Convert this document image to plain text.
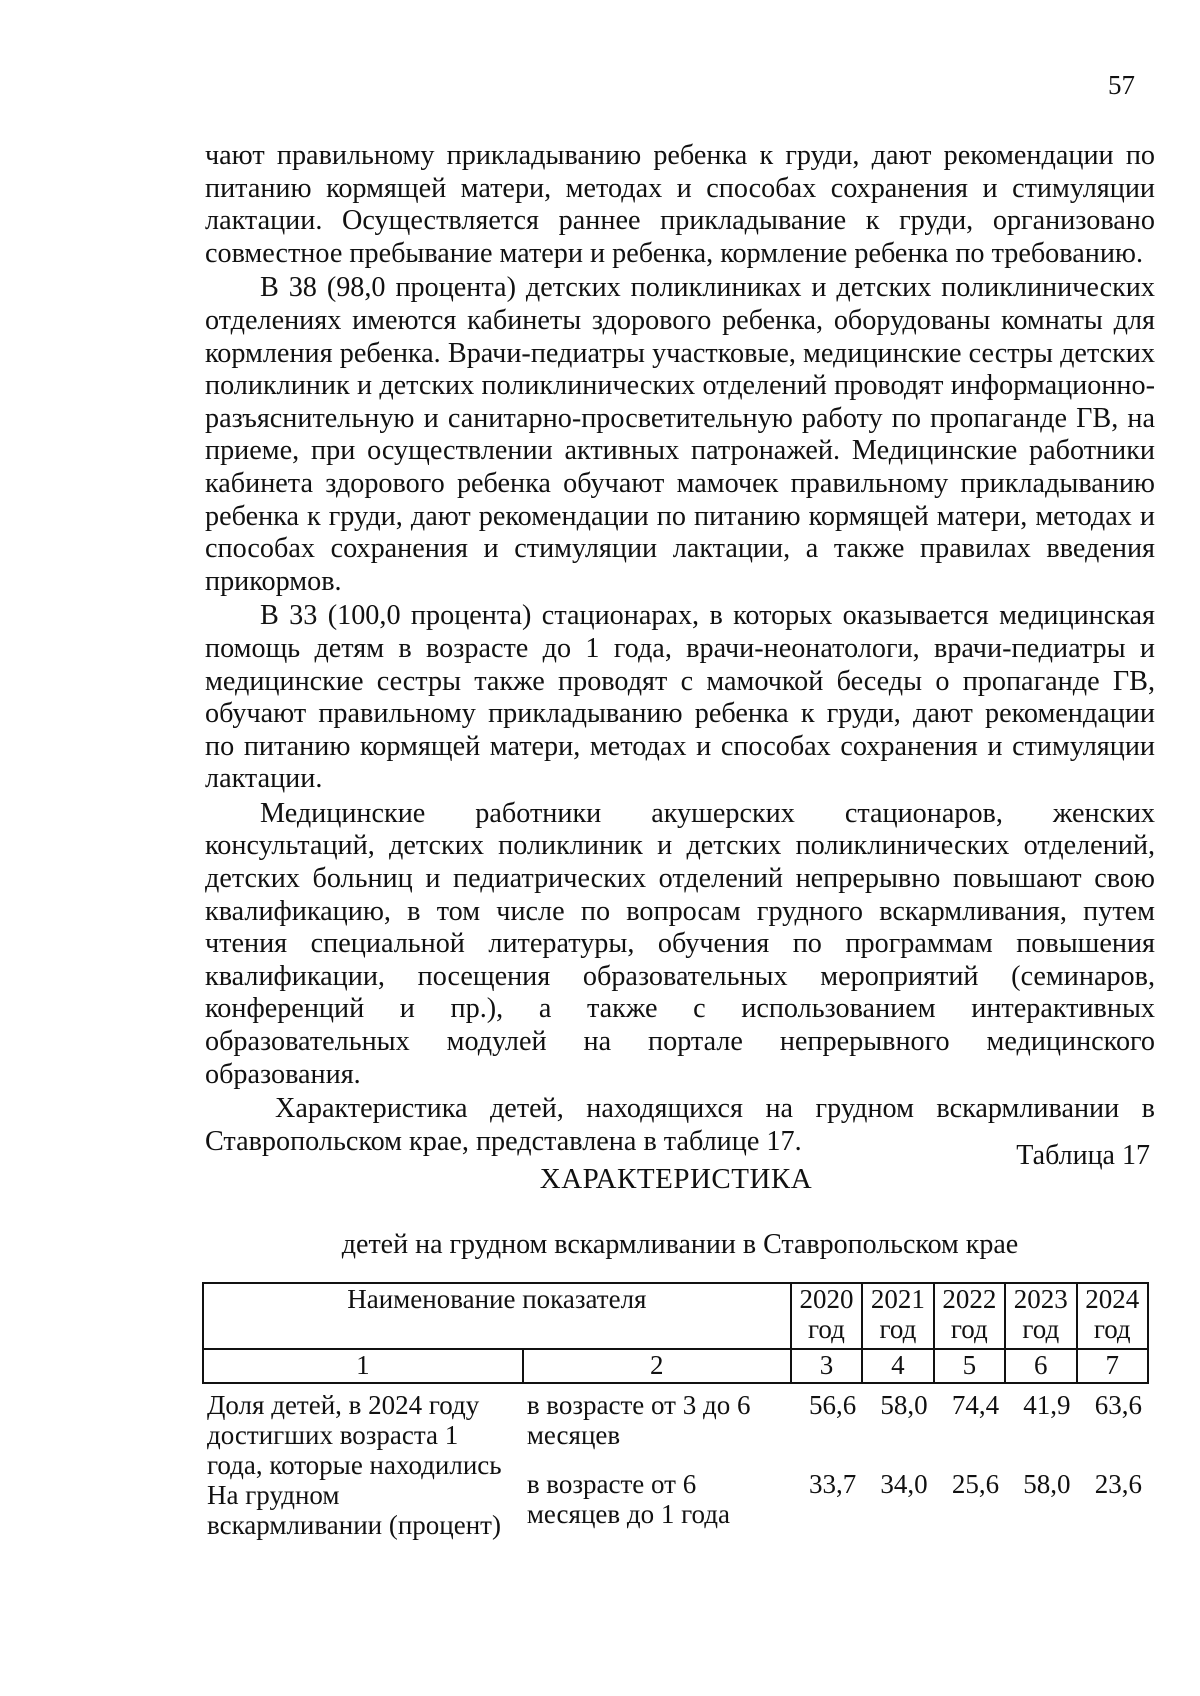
57

чают правильному прикладыванию ребенка к груди, дают рекомендации по питанию кормящей матери, методах и способах сохранения и стимуляции лактации. Осуществляется раннее прикладывание к груди, организовано совместное пребывание матери и ребенка, кормление ребенка по требованию.

В 38 (98,0 процента) детских поликлиниках и детских поликлинических отделениях имеются кабинеты здорового ребенка, оборудованы комнаты для кормления ребенка. Врачи-педиатры участковые, медицинские сестры детских поликлиник и детских поликлинических отделений проводят информационно-разъяснительную и санитарно-просветительную работу по пропаганде ГВ, на приеме, при осуществлении активных патронажей. Медицинские работники кабинета здорового ребенка обучают мамочек правильному прикладыванию ребенка к груди, дают рекомендации по питанию кормящей матери, методах и способах сохранения и стимуляции лактации, а также правилах введения прикормов.

В 33 (100,0 процента) стационарах, в которых оказывается медицинская помощь детям в возрасте до 1 года, врачи-неонатологи, врачи-педиатры и медицинские сестры также проводят с мамочкой беседы о пропаганде ГВ, обучают правильному прикладыванию ребенка к груди, дают рекомендации по питанию кормящей матери, методах и способах сохранения и стимуляции лактации.

Медицинские работники акушерских стационаров, женских консультаций, детских поликлиник и детских поликлинических отделений, детских больниц и педиатрических отделений непрерывно повышают свою квалификацию, в том числе по вопросам грудного вскармливания, путем чтения специальной литературы, обучения по программам повышения квалификации, посещения образовательных мероприятий (семинаров, конференций и пр.), а также с использованием интерактивных образовательных модулей на портале непрерывного медицинского образования.

Характеристика детей, находящихся на грудном вскармливании в Ставропольском крае, представлена в таблице 17.	Таблица 17
ХАРАКТЕРИСТИКА
детей на грудном вскармливании в Ставропольском крае
Наименование показателя		2020 год	2021 год	2022 год	2023 год	2024 год
1	2	3	4	5	6	7
Доля детей, в 2024 году достигших возраста 1 года, которые находились На грудном вскармливании (процент)	в возрасте от 3 до 6 месяцев	56,6	58,0	74,4	41,9	63,6
	в возрасте от 6 месяцев до 1 года	33,7	34,0	25,6	58,0	23,6
